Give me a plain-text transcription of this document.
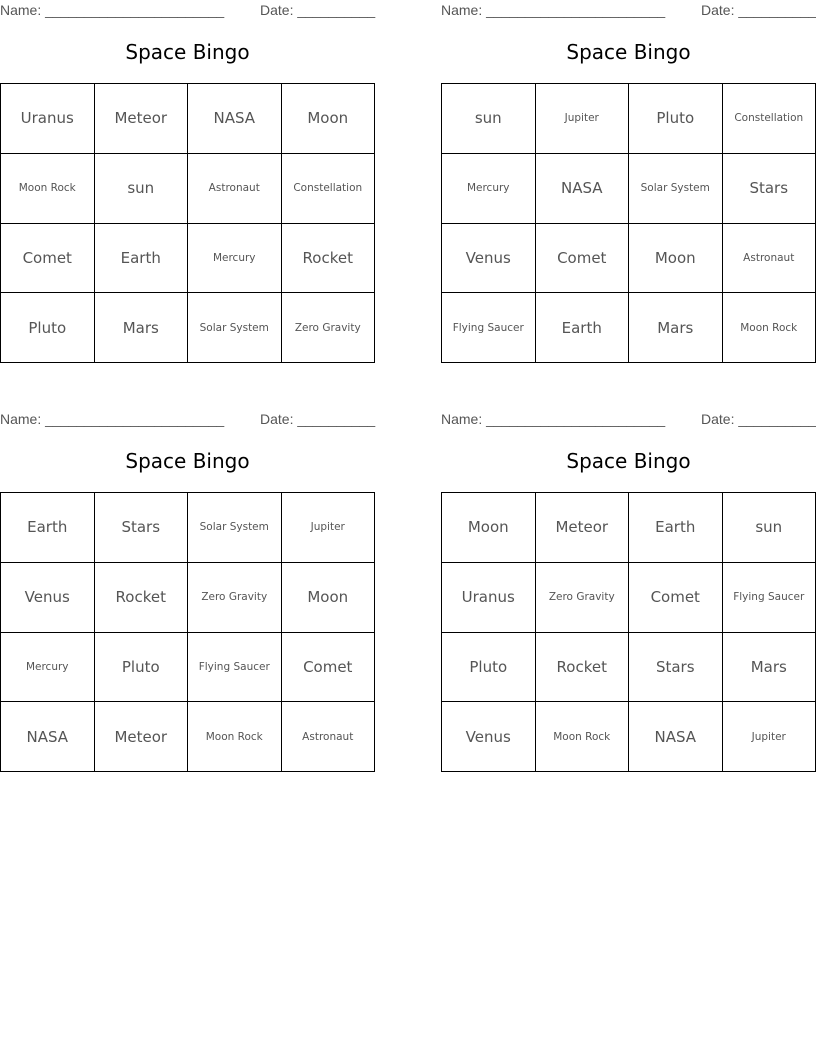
Name: _______________________	Date: __________
Space Bingo
Uranus	Meteor	NASA	Moon
Moon Rock	sun	Astronaut	Constellation
Comet	Earth	Mercury	Rocket
Pluto	Mars	Solar System	Zero Gravity
Name: _______________________	Date: __________
Space Bingo
sun	Jupiter	Pluto	Constellation
Mercury	NASA	Solar System	Stars
Venus	Comet	Moon	Astronaut
Flying Saucer	Earth	Mars	Moon Rock
Name: _______________________	Date: __________
Space Bingo
Earth	Stars	Solar System	Jupiter
Venus	Rocket	Zero Gravity	Moon
Mercury	Pluto	Flying Saucer	Comet
NASA	Meteor	Moon Rock	Astronaut
Name: _______________________	Date: __________
Space Bingo
Moon	Meteor	Earth	sun
Uranus	Zero Gravity	Comet	Flying Saucer
Pluto	Rocket	Stars	Mars
Venus	Moon Rock	NASA	Jupiter
